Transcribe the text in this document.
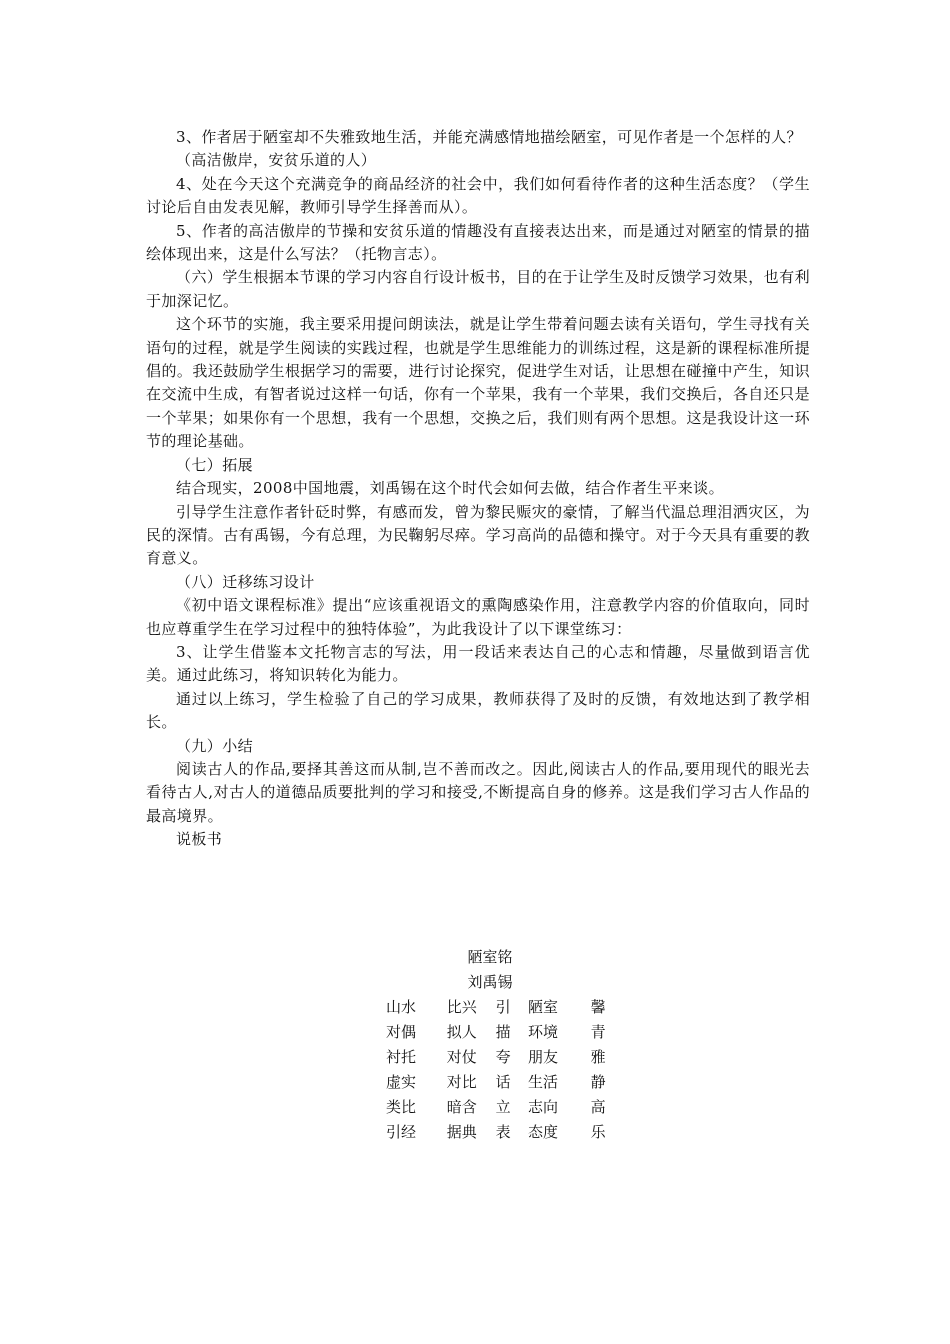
3、作者居于陋室却不失雅致地生活，并能充满感情地描绘陋室，可见作者是一个怎样的人？

（高洁傲岸，安贫乐道的人）

4、处在今天这个充满竞争的商品经济的社会中，我们如何看待作者的这种生活态度？（学生讨论后自由发表见解，教师引导学生择善而从）。

5、作者的高洁傲岸的节操和安贫乐道的情趣没有直接表达出来，而是通过对陋室的情景的描绘体现出来，这是什么写法？（托物言志）。

（六）学生根据本节课的学习内容自行设计板书，目的在于让学生及时反馈学习效果，也有利于加深记忆。

这个环节的实施，我主要采用提问朗读法，就是让学生带着问题去读有关语句，学生寻找有关语句的过程，就是学生阅读的实践过程，也就是学生思维能力的训练过程，这是新的课程标准所提倡的。我还鼓励学生根据学习的需要，进行讨论探究，促进学生对话，让思想在碰撞中产生，知识在交流中生成，有智者说过这样一句话，你有一个苹果，我有一个苹果，我们交换后，各自还只是一个苹果；如果你有一个思想，我有一个思想，交换之后，我们则有两个思想。这是我设计这一环节的理论基础。

（七）拓展

结合现实，2008中国地震，刘禹锡在这个时代会如何去做，结合作者生平来谈。

引导学生注意作者针砭时弊，有感而发，曾为黎民赈灾的豪情，了解当代温总理泪洒灾区，为民的深情。古有禹锡，今有总理，为民鞠躬尽瘁。学习高尚的品德和操守。对于今天具有重要的教育意义。

（八）迁移练习设计

《初中语文课程标准》提出“应该重视语文的熏陶感染作用，注意教学内容的价值取向，同时也应尊重学生在学习过程中的独特体验”，为此我设计了以下课堂练习：

3、让学生借鉴本文托物言志的写法，用一段话来表达自己的心志和情趣，尽量做到语言优美。通过此练习，将知识转化为能力。

通过以上练习，学生检验了自己的学习成果，教师获得了及时的反馈，有效地达到了教学相长。

（九）小结

阅读古人的作品,要择其善这而从制,岂不善而改之。因此,阅读古人的作品,要用现代的眼光去看待古人,对古人的道德品质要批判的学习和接受,不断提高自身的修养。这是我们学习古人作品的最高境界。

说板书

陋室铭
刘禹锡
山水	比兴	引	陋室	馨
对偶	拟人	描	环境	青
衬托	对仗	夸	朋友	雅
虚实	对比	话	生活	静
类比	暗含	立	志向	高
引经	据典	表	态度	乐
